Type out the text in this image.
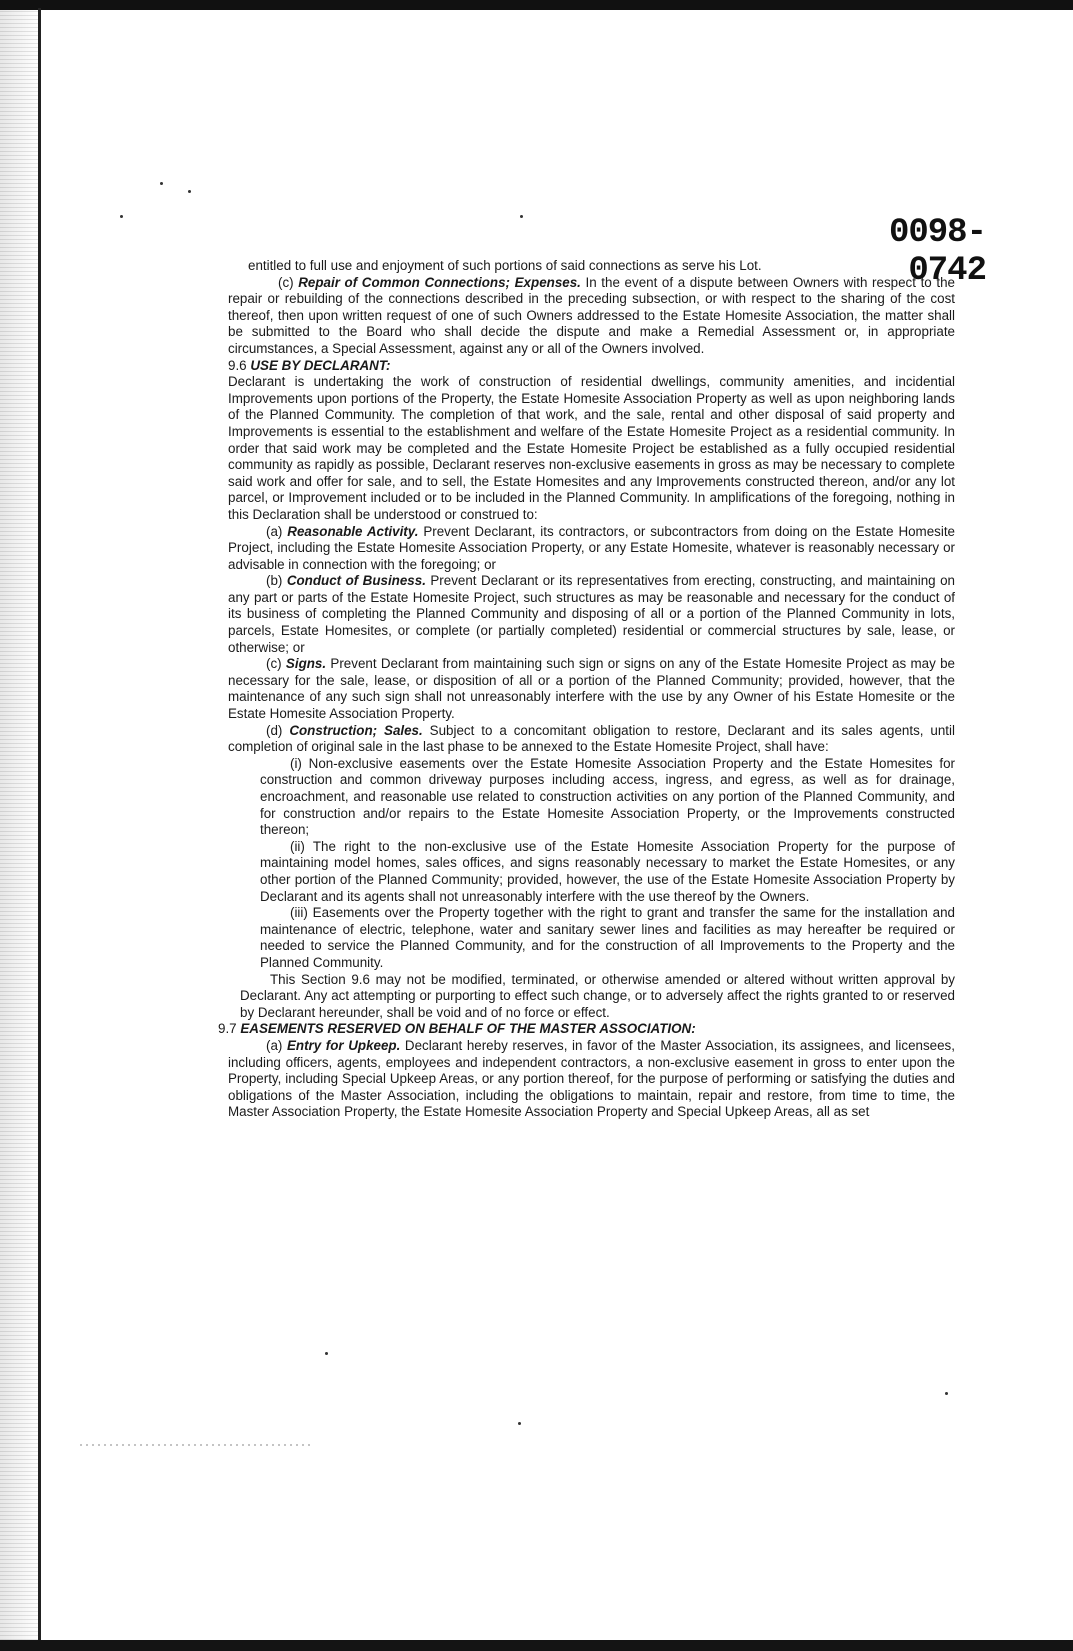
0098-0742

entitled to full use and enjoyment of such portions of said connections as serve his Lot.

(c) Repair of Common Connections; Expenses. In the event of a dispute between Owners with respect to the repair or rebuilding of the connections described in the preceding subsection, or with respect to the sharing of the cost thereof, then upon written request of one of such Owners addressed to the Estate Homesite Association, the matter shall be submitted to the Board who shall decide the dispute and make a Remedial Assessment or, in appropriate circumstances, a Special Assessment, against any or all of the Owners involved.

9.6 USE BY DECLARANT:

Declarant is undertaking the work of construction of residential dwellings, community amenities, and incidential Improvements upon portions of the Property, the Estate Homesite Association Property as well as upon neighboring lands of the Planned Community. The completion of that work, and the sale, rental and other disposal of said property and Improvements is essential to the establishment and welfare of the Estate Homesite Project as a residential community. In order that said work may be completed and the Estate Homesite Project be established as a fully occupied residential community as rapidly as possible, Declarant reserves non-exclusive easements in gross as may be necessary to complete said work and offer for sale, and to sell, the Estate Homesites and any Improvements constructed thereon, and/or any lot parcel, or Improvement included or to be included in the Planned Community. In amplifications of the foregoing, nothing in this Declaration shall be understood or construed to:

(a) Reasonable Activity. Prevent Declarant, its contractors, or subcontractors from doing on the Estate Homesite Project, including the Estate Homesite Association Property, or any Estate Homesite, whatever is reasonably necessary or advisable in connection with the foregoing; or

(b) Conduct of Business. Prevent Declarant or its representatives from erecting, constructing, and maintaining on any part or parts of the Estate Homesite Project, such structures as may be reasonable and necessary for the conduct of its business of completing the Planned Community and disposing of all or a portion of the Planned Community in lots, parcels, Estate Homesites, or complete (or partially completed) residential or commercial structures by sale, lease, or otherwise; or

(c) Signs. Prevent Declarant from maintaining such sign or signs on any of the Estate Homesite Project as may be necessary for the sale, lease, or disposition of all or a portion of the Planned Community; provided, however, that the maintenance of any such sign shall not unreasonably interfere with the use by any Owner of his Estate Homesite or the Estate Homesite Association Property.

(d) Construction; Sales. Subject to a concomitant obligation to restore, Declarant and its sales agents, until completion of original sale in the last phase to be annexed to the Estate Homesite Project, shall have:

(i) Non-exclusive easements over the Estate Homesite Association Property and the Estate Homesites for construction and common driveway purposes including access, ingress, and egress, as well as for drainage, encroachment, and reasonable use related to construction activities on any portion of the Planned Community, and for construction and/or repairs to the Estate Homesite Association Property, or the Improvements constructed thereon;

(ii) The right to the non-exclusive use of the Estate Homesite Association Property for the purpose of maintaining model homes, sales offices, and signs reasonably necessary to market the Estate Homesites, or any other portion of the Planned Community; provided, however, the use of the Estate Homesite Association Property by Declarant and its agents shall not unreasonably interfere with the use thereof by the Owners.

(iii) Easements over the Property together with the right to grant and transfer the same for the installation and maintenance of electric, telephone, water and sanitary sewer lines and facilities as may hereafter be required or needed to service the Planned Community, and for the construction of all Improvements to the Property and the Planned Community.

This Section 9.6 may not be modified, terminated, or otherwise amended or altered without written approval by Declarant. Any act attempting or purporting to effect such change, or to adversely affect the rights granted to or reserved by Declarant hereunder, shall be void and of no force or effect.

9.7 EASEMENTS RESERVED ON BEHALF OF THE MASTER ASSOCIATION:

(a) Entry for Upkeep. Declarant hereby reserves, in favor of the Master Association, its assignees, and licensees, including officers, agents, employees and independent contractors, a non-exclusive easement in gross to enter upon the Property, including Special Upkeep Areas, or any portion thereof, for the purpose of performing or satisfying the duties and obligations of the Master Association, including the obligations to maintain, repair and restore, from time to time, the Master Association Property, the Estate Homesite Association Property and Special Upkeep Areas, all as set
